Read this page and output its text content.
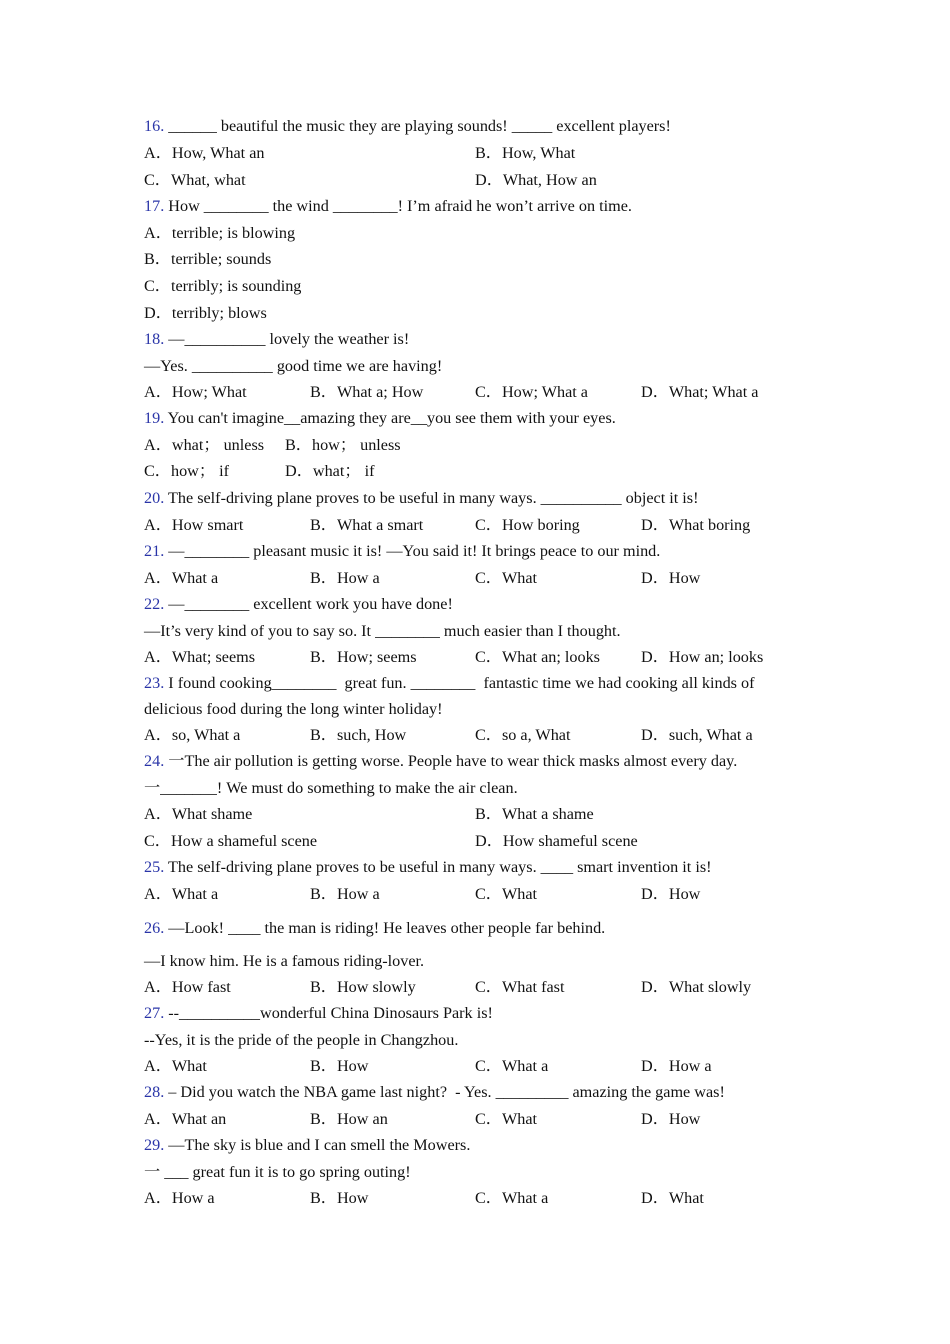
16. ______ beautiful the music they are playing sounds! _____ excellent players!
A．How, What an	B．How, What
C．What, what	D．What, How an
17. How ________ the wind ________! I’m afraid he won’t arrive on time.
A．terrible; is blowing
B．terrible; sounds
C．terribly; is sounding
D．terribly; blows
18. —__________ lovely the weather is!
—Yes. __________ good time we are having!
A．How; What	B．What a; How	C．How; What a	D．What; What a
19. You can't imagine__amazing they are__you see them with your eyes.
A．what； unless B．how； unless
C．how； if	D．what； if
20. The self-driving plane proves to be useful in many ways. __________ object it is!
A．How smart	B．What a smart	C．How boring	D．What boring
21. —________ pleasant music it is! —You said it! It brings peace to our mind.
A．What a	B．How a	C．What	D．How
22. —________ excellent work you have done!
—It’s very kind of you to say so. It ________ much easier than I thought.
A．What; seems	B．How; seems	C．What an; looks	D．How an; looks
23. I found cooking________  great fun. ________  fantastic time we had cooking all kinds of
delicious food during the long winter holiday!
A．so, What a	B．such, How	C．so a, What	D．such, What a
24. 一The air pollution is getting worse. People have to wear thick masks almost every day.
一_______! We must do something to make the air clean.
A．What shame	B．What a shame
C．How a shameful scene	D．How shameful scene
25. The self-driving plane proves to be useful in many ways. ____ smart invention it is!
A．What a	B．How a	C．What	D．How
26. —Look! ____ the man is riding! He leaves other people far behind.
—I know him. He is a famous riding-lover.
A．How fast	B．How slowly	C．What fast	D．What slowly
27. --__________wonderful China Dinosaurs Park is!
--Yes, it is the pride of the people in Changzhou.
A．What	B．How	C．What a	D．How a
28. – Did you watch the NBA game last night?  - Yes. _________ amazing the game was!
A．What an	B．How an	C．What	D．How
29. —The sky is blue and I can smell the Mowers.
一 ___ great fun it is to go spring outing!
A．How a	B．How	C．What a	D．What
